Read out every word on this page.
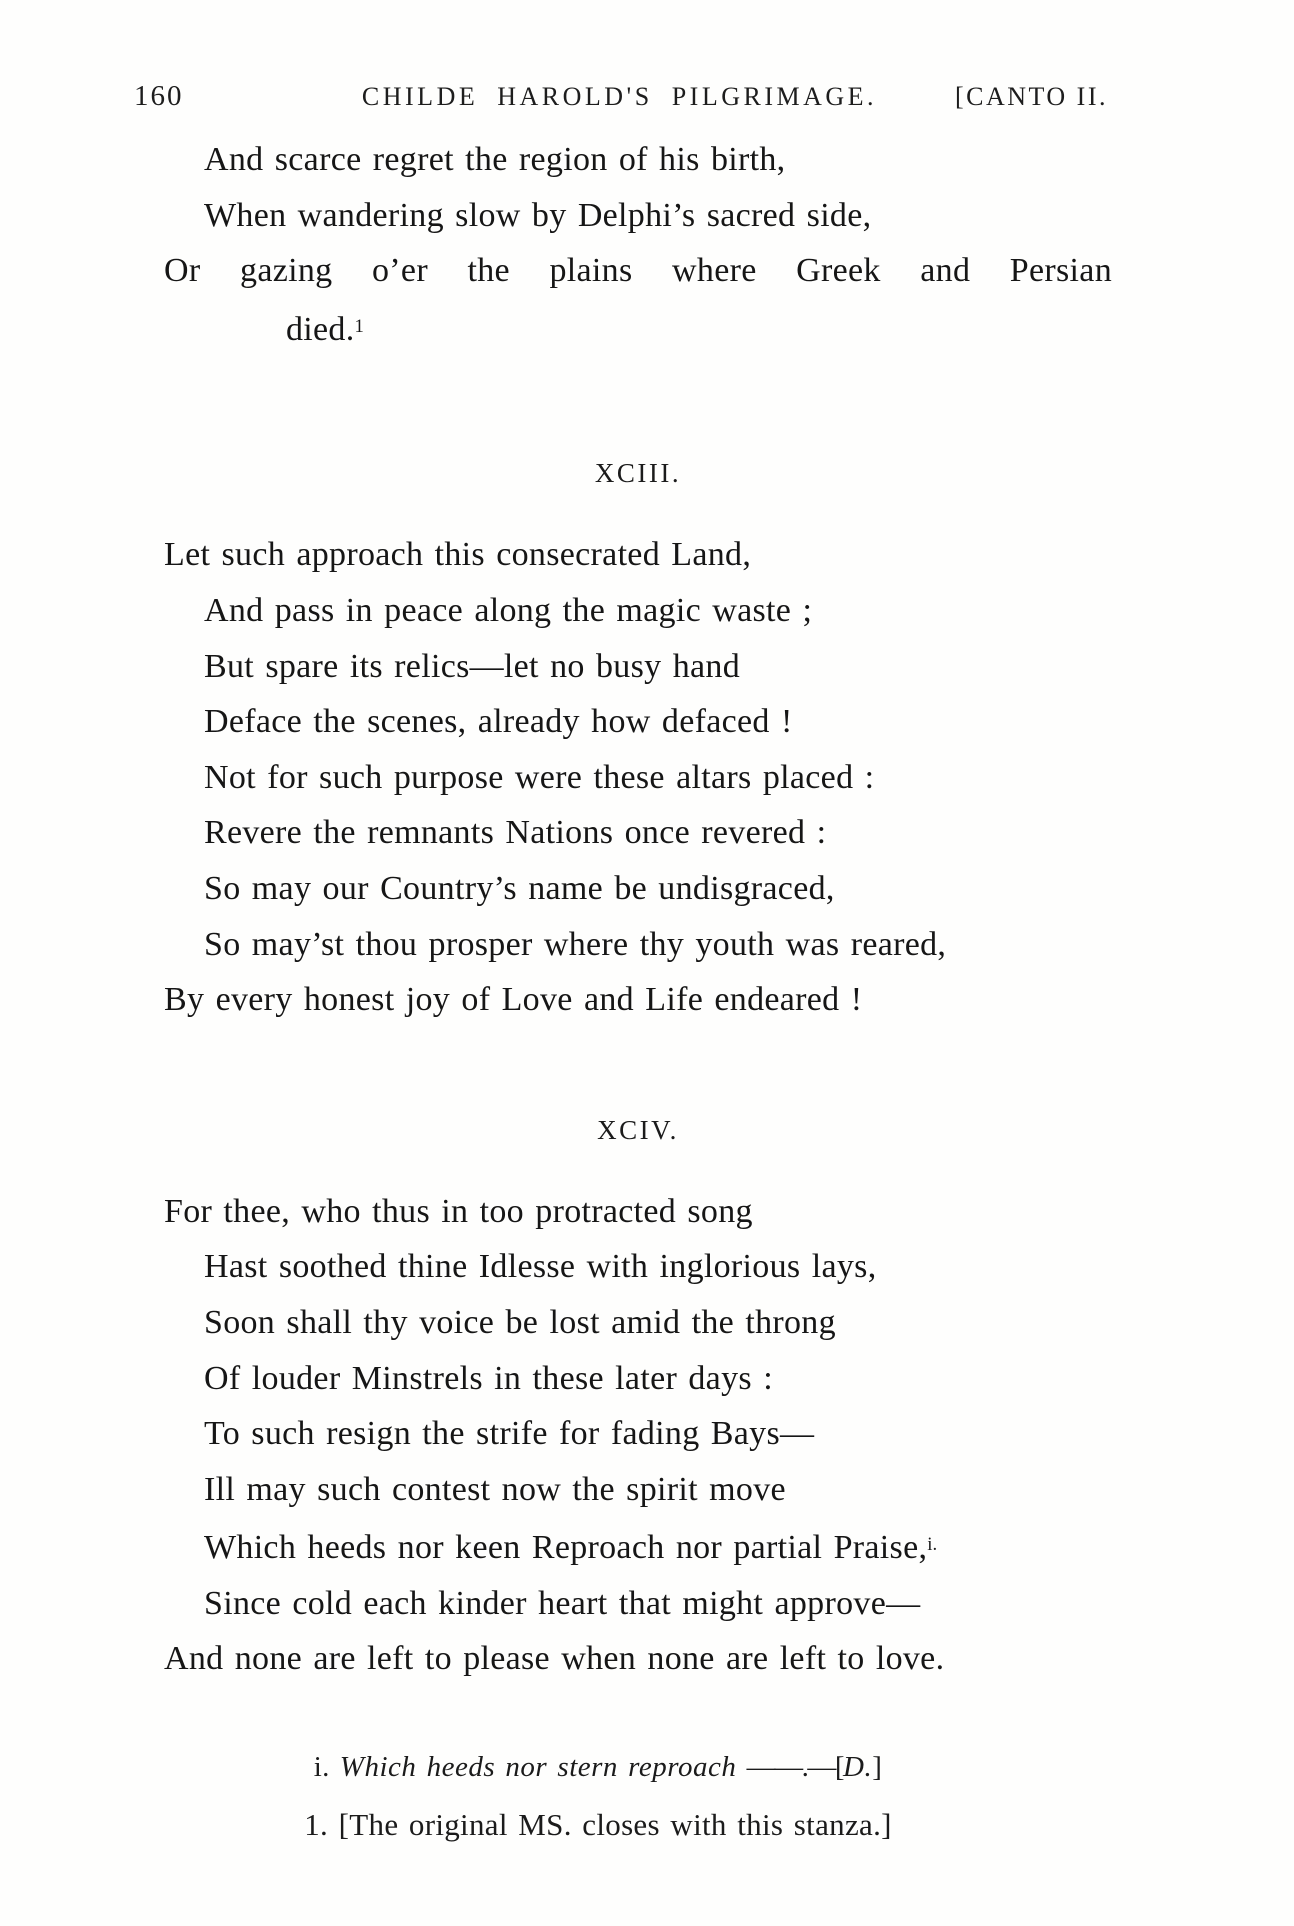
160	CHILDE HAROLD'S PILGRIMAGE.	[CANTO II.
And scarce regret the region of his birth,
When wandering slow by Delphi’s sacred side,
Or gazing o’er the plains where Greek and Persian
died.$^1$
XCIII.
Let such approach this consecrated Land,
And pass in peace along the magic waste ;
But spare its relics—let no busy hand
Deface the scenes, already how defaced !
Not for such purpose were these altars placed :
Revere the remnants Nations once revered :
So may our Country’s name be undisgraced,
So may’st thou prosper where thy youth was reared,
By every honest joy of Love and Life endeared !
XCIV.
For thee, who thus in too protracted song
Hast soothed thine Idlesse with inglorious lays,
Soon shall thy voice be lost amid the throng
Of louder Minstrels in these later days :
To such resign the strife for fading Bays—
Ill may such contest now the spirit move
Which heeds nor keen Reproach nor partial Praise,$^{i.}$
Since cold each kinder heart that might approve—
And none are left to please when none are left to love.
i. Which heeds nor stern reproach ——.—[D.]
1. [The original MS. closes with this stanza.]
